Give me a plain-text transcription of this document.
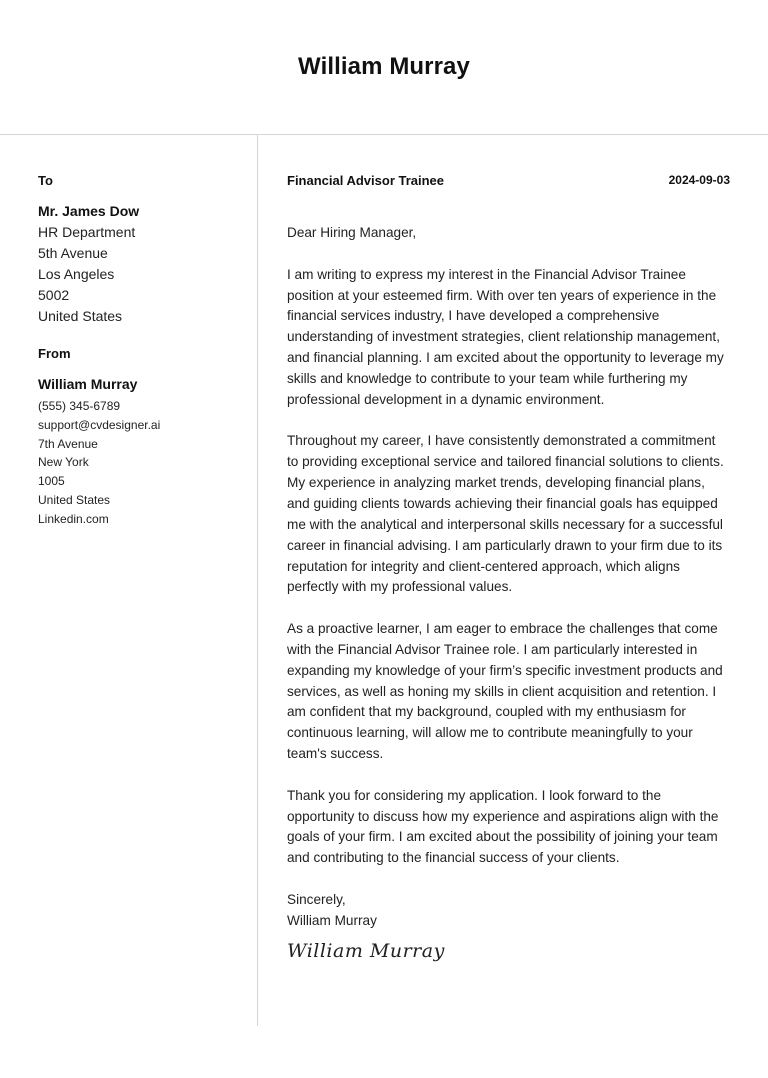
William Murray
To
Mr. James Dow
HR Department
5th Avenue
Los Angeles
5002
United States
From
William Murray
(555) 345-6789
support@cvdesigner.ai
7th Avenue
New York
1005
United States
Linkedin.com
Financial Advisor Trainee	2024-09-03

Dear Hiring Manager,

I am writing to express my interest in the Financial Advisor Trainee position at your esteemed firm. With over ten years of experience in the financial services industry, I have developed a comprehensive understanding of investment strategies, client relationship management, and financial planning. I am excited about the opportunity to leverage my skills and knowledge to contribute to your team while furthering my professional development in a dynamic environment.

Throughout my career, I have consistently demonstrated a commitment to providing exceptional service and tailored financial solutions to clients. My experience in analyzing market trends, developing financial plans, and guiding clients towards achieving their financial goals has equipped me with the analytical and interpersonal skills necessary for a successful career in financial advising. I am particularly drawn to your firm due to its reputation for integrity and client-centered approach, which aligns perfectly with my professional values.

As a proactive learner, I am eager to embrace the challenges that come with the Financial Advisor Trainee role. I am particularly interested in expanding my knowledge of your firm’s specific investment products and services, as well as honing my skills in client acquisition and retention. I am confident that my background, coupled with my enthusiasm for continuous learning, will allow me to contribute meaningfully to your team's success.

Thank you for considering my application. I look forward to the opportunity to discuss how my experience and aspirations align with the goals of your firm. I am excited about the possibility of joining your team and contributing to the financial success of your clients.

Sincerely,

William Murray

William Murray
